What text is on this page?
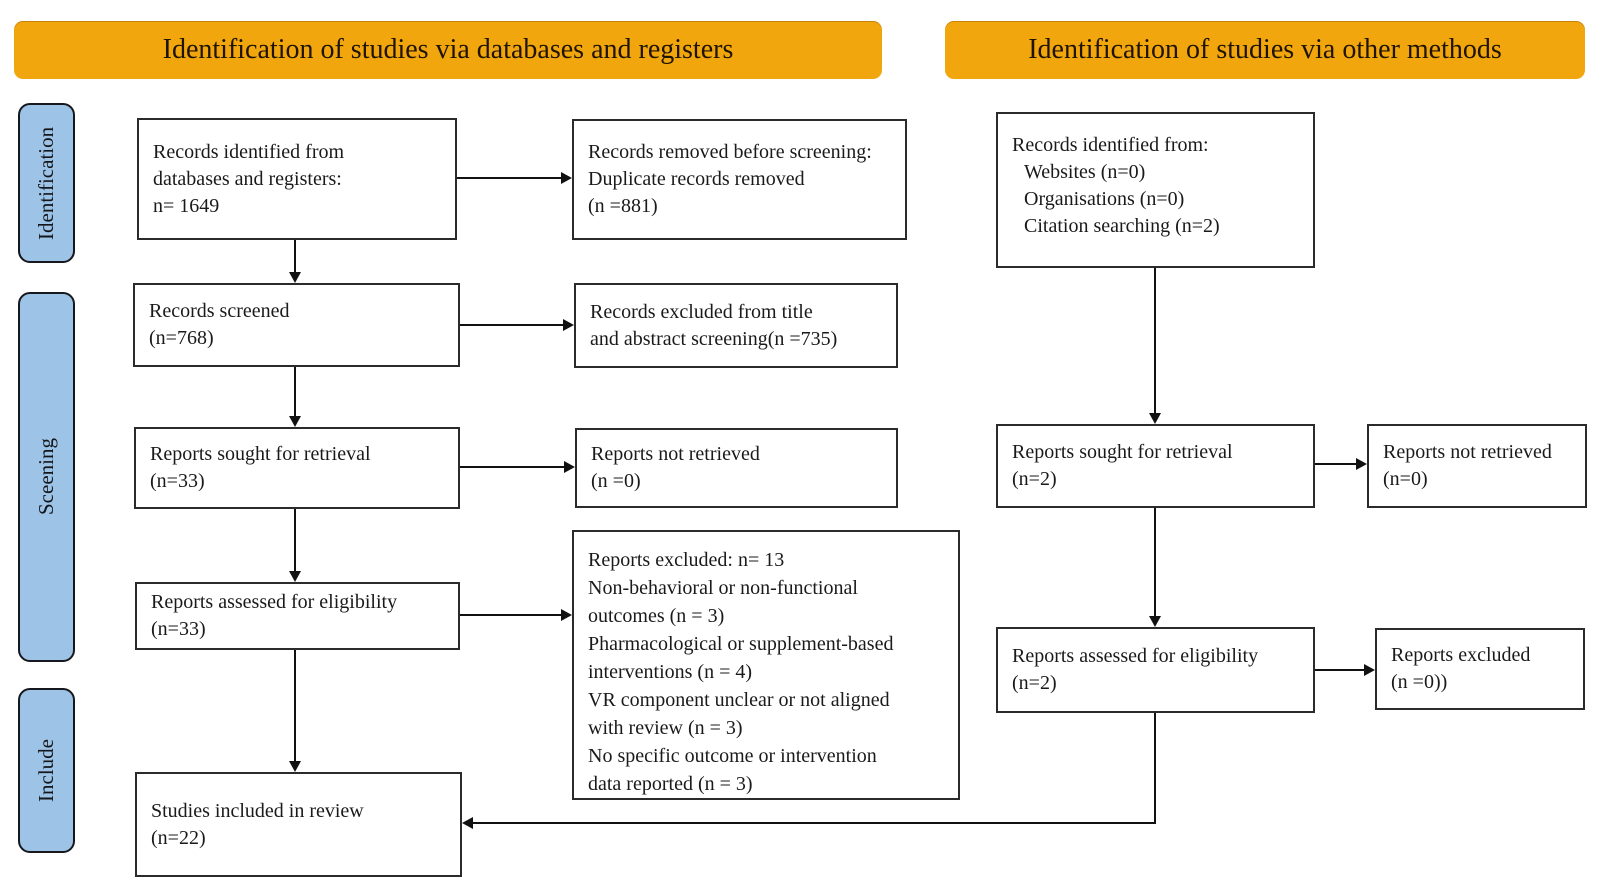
Identification of studies via databases and registers	Identification of studies via other methods
Identification
Sceening
Include
Records identified from
databases and registers:
n= 1649
Records screened
(n=768)
Reports sought for retrieval
(n=33)
Reports assessed for eligibility
(n=33)
Studies included in review
(n=22)
Records removed before screening:
Duplicate records removed
(n =881)
Records excluded from title
and abstract screening(n =735)
Reports not retrieved
(n =0)
Reports excluded: n= 13
Non-behavioral or non-functional
outcomes (n = 3)
Pharmacological or supplement-based
interventions (n = 4)
VR component unclear or not aligned
with review (n = 3)
No specific outcome or intervention
data reported (n = 3)
Records identified from:
Websites (n=0)
Organisations (n=0)
Citation searching (n=2)
Reports sought for retrieval
(n=2)
Reports assessed for eligibility
(n=2)
Reports not retrieved
(n=0)
Reports excluded
(n =0))
